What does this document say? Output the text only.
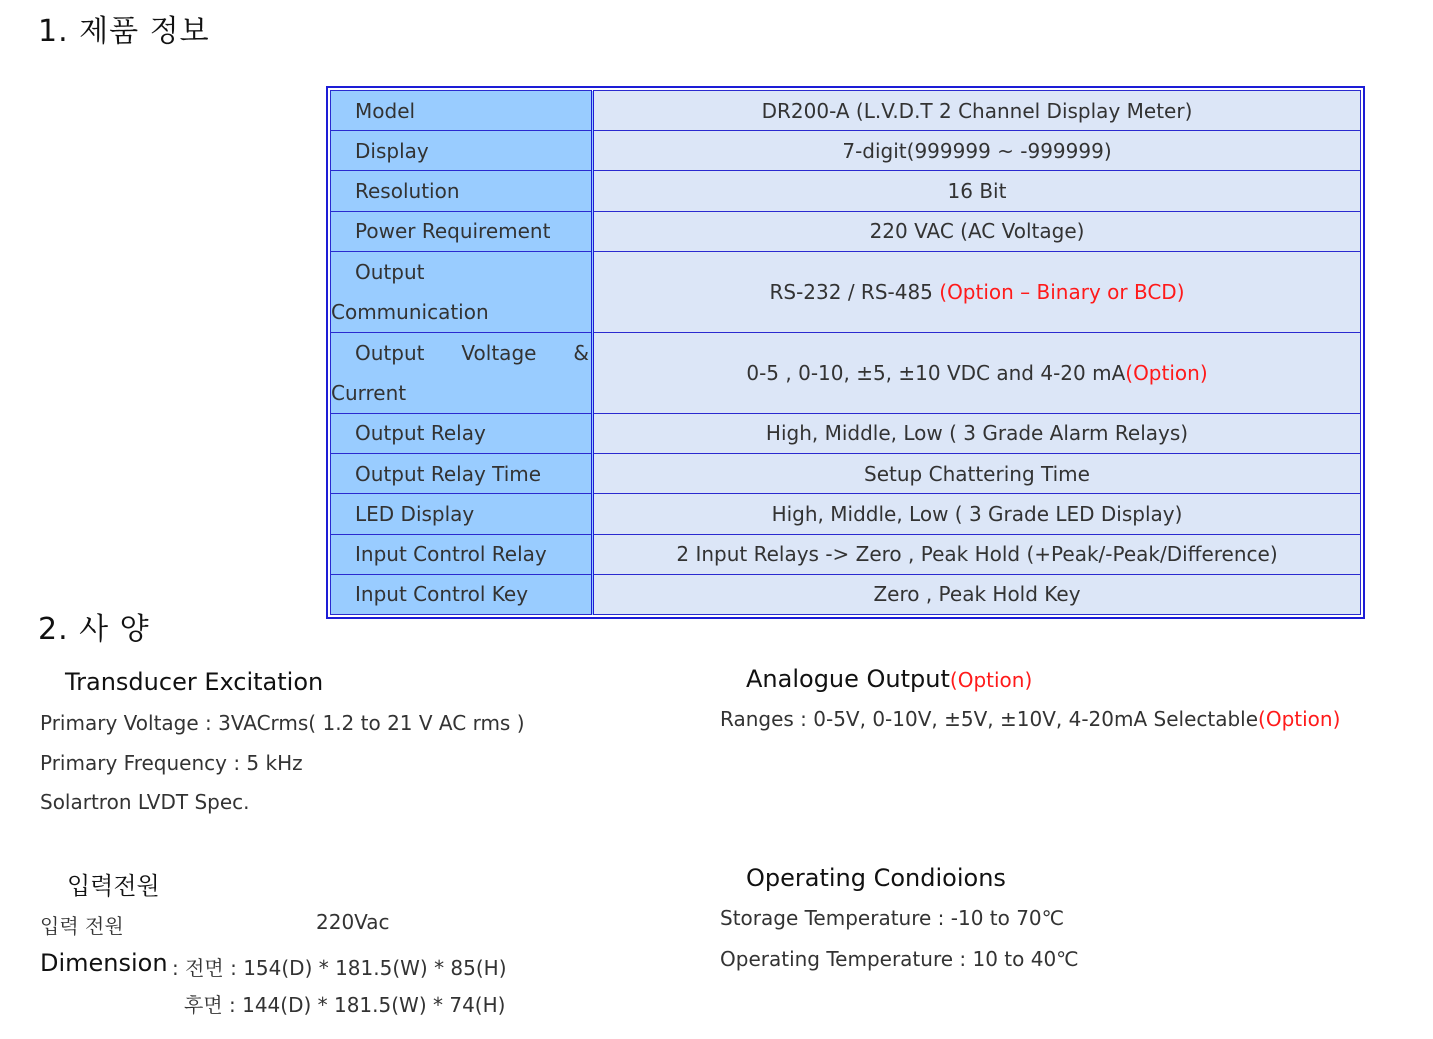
1. 제품 정보
Model	DR200-A (L.V.D.T 2 Channel Display Meter)
Display	7-digit(999999 ~ -999999)
Resolution	16 Bit
Power Requirement	220 VAC (AC Voltage)

Output
Communication	RS-232 / RS-485 (Option – Binary or BCD)

Output Voltage &
Current	0-5 , 0-10, ±5, ±10 VDC and 4-20 mA(Option)
Output Relay	High, Middle, Low ( 3 Grade Alarm Relays)
Output Relay Time	Setup Chattering Time
LED Display	High, Middle, Low ( 3 Grade LED Display)
Input Control Relay	2 Input Relays -> Zero , Peak Hold (+Peak/-Peak/Difference)
Input Control Key	Zero , Peak Hold Key
2. 사 양
Transducer Excitation
Primary Voltage : 3VACrms( 1.2 to 21 V AC rms )
Primary Frequency : 5 kHz
Solartron LVDT Spec.
입력전원
입력 전원	220Vac
Dimension : 전면 : 154(D) * 181.5(W) * 85(H)
후면 : 144(D) * 181.5(W) * 74(H)
Analogue Output(Option)
Ranges : 0-5V, 0-10V, ±5V, ±10V, 4-20mA Selectable(Option)
Operating Condioions
Storage Temperature : -10 to 70℃
Operating Temperature : 10 to 40℃
